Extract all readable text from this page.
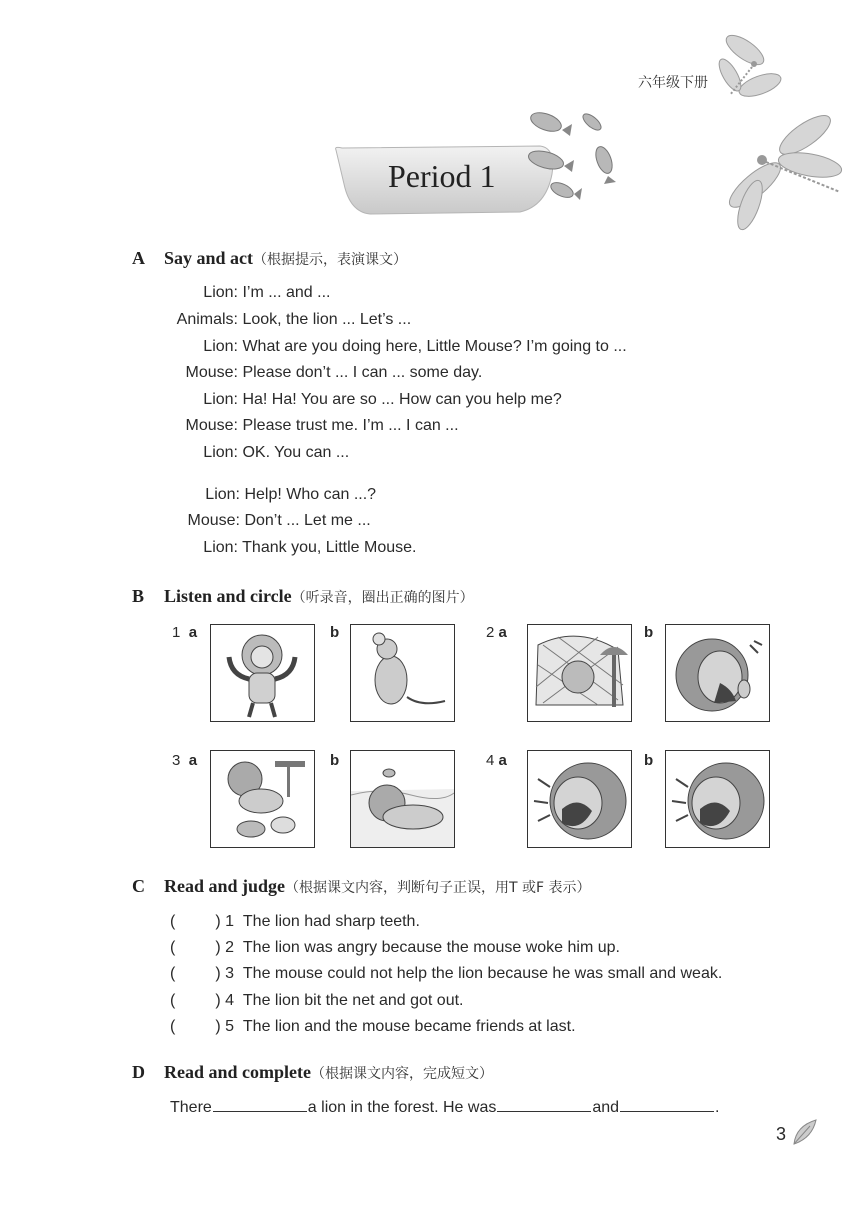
六年级下册
Period 1
A Say and act（根据提示，表演课文）
Lion: I’m ... and ...
Animals: Look, the lion ... Let’s ...
Lion: What are you doing here, Little Mouse? I’m going to ...
Mouse: Please don’t ... I can ... some day.
Lion: Ha! Ha! You are so ... How can you help me?
Mouse: Please trust me. I’m ... I can ...
Lion: OK. You can ...
Lion: Help! Who can ...?
Mouse: Don’t ... Let me ...
Lion: Thank you, Little Mouse.
B Listen and circle（听录音，圈出正确的图片）
1 a	b	2 a	b
3 a	b	4 a	b
C Read and judge（根据课文内容，判断句子正误，用T 或F 表示）
(	) 1 The lion had sharp teeth.
(	) 2 The lion was angry because the mouse woke him up.
(	) 3 The mouse could not help the lion because he was small and weak.
(	) 4 The lion bit the net and got out.
(	) 5 The lion and the mouse became friends at last.
D Read and complete（根据课文内容，完成短文）
There	a lion in the forest. He was	and	.
3
